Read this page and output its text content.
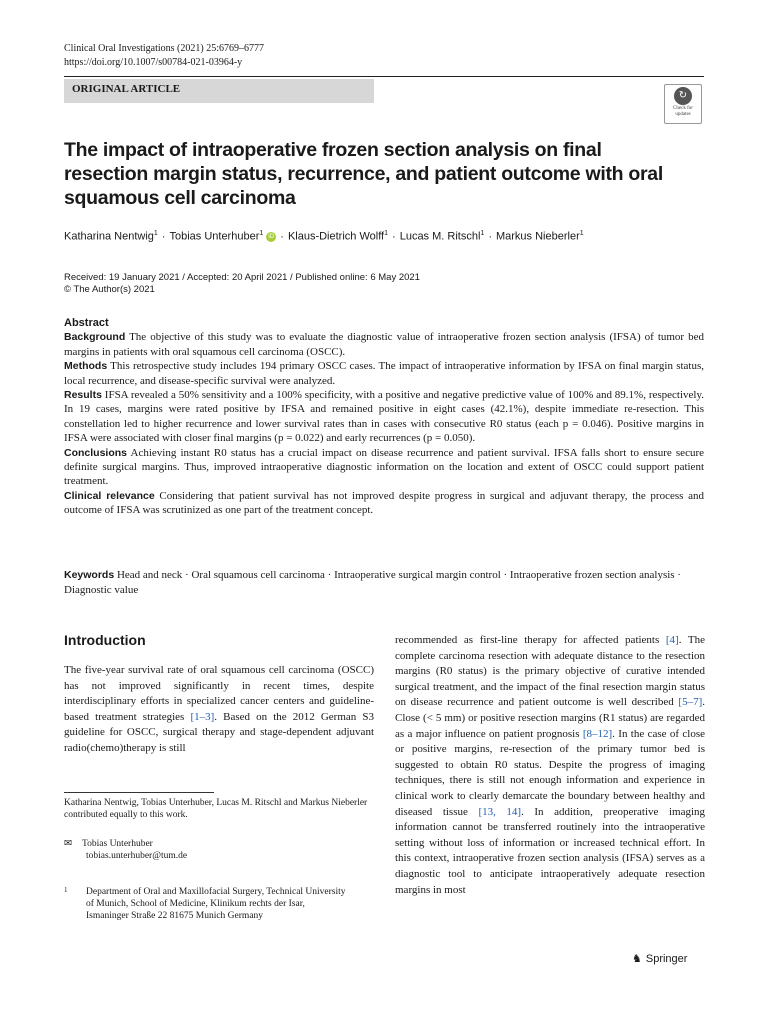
Clinical Oral Investigations (2021) 25:6769–6777
https://doi.org/10.1007/s00784-021-03964-y
ORIGINAL ARTICLE
↻
Check for
updates
The impact of intraoperative frozen section analysis on final resection margin status, recurrence, and patient outcome with oral squamous cell carcinoma
Katharina Nentwig$^1$ · Tobias Unterhuber$^1$ iD · Klaus-Dietrich Wolff$^1$ · Lucas M. Ritschl$^1$ · Markus Nieberler$^1$
Received: 19 January 2021 / Accepted: 20 April 2021 / Published online: 6 May 2021
© The Author(s) 2021
Abstract

Background The objective of this study was to evaluate the diagnostic value of intraoperative frozen section analysis (IFSA) of tumor bed margins in patients with oral squamous cell carcinoma (OSCC).

Methods This retrospective study includes 194 primary OSCC cases. The impact of intraoperative information by IFSA on final margin status, local recurrence, and disease-specific survival were analyzed.

Results IFSA revealed a 50% sensitivity and a 100% specificity, with a positive and negative predictive value of 100% and 89.1%, respectively. In 19 cases, margins were rated positive by IFSA and remained positive in eight cases (42.1%), despite immediate re-resection. This constellation led to higher recurrence and lower survival rates than in cases with consecutive R0 status (each p = 0.046). Positive margins in IFSA were associated with closer final margins (p = 0.022) and early recurrences (p = 0.050).

Conclusions Achieving instant R0 status has a crucial impact on disease recurrence and patient survival. IFSA falls short to ensure secure definite surgical margins. Thus, improved intraoperative diagnostic information on the location and extent of OSCC could support patient treatment.

Clinical relevance Considering that patient survival has not improved despite progress in surgical and adjuvant therapy, the process and outcome of IFSA was scrutinized as one part of the treatment concept.

Keywords Head and neck · Oral squamous cell carcinoma · Intraoperative surgical margin control · Intraoperative frozen section analysis · Diagnostic value
Introduction

The five-year survival rate of oral squamous cell carcinoma (OSCC) has not improved significantly in recent times, despite interdisciplinary efforts in specialized cancer centers and guideline-based treatment strategies [1–3]. Based on the 2012 German S3 guideline for OSCC, surgical therapy and stage-dependent adjuvant radio(chemo)therapy is still

Katharina Nentwig, Tobias Unterhuber, Lucas M. Ritschl and Markus Nieberler contributed equally to this work.

✉ Tobias Unterhuber
tobias.unterhuber@tum.de
1	Department of Oral and Maxillofacial Surgery, Technical University
of Munich, School of Medicine, Klinikum rechts der Isar,
Ismaninger Straße 22 81675 Munich Germany

recommended as first-line therapy for affected patients [4]. The complete carcinoma resection with adequate distance to the resection margins (R0 status) is the primary objective of curative intended surgical treatment, and the impact of the final resection margin status on disease recurrence and patient outcome is well described [5–7]. Close (< 5 mm) or positive resection margins (R1 status) are regarded as a major influence on patient prognosis [8–12]. In the case of close or positive margins, re-resection of the primary tumor bed is suggested to obtain R0 status. Despite the progress of imaging techniques, there is still not enough information and experience in clinical work to clearly demarcate the boundary between healthy and diseased tissue [13, 14]. In addition, preoperative imaging information cannot be transferred routinely into the intraoperative setting without loss of information or increased technical effort. In this context, intraoperative frozen section analysis (IFSA) serves as a diagnostic tool to anticipate intraoperatively adequate resection margins in most

♞ Springer
